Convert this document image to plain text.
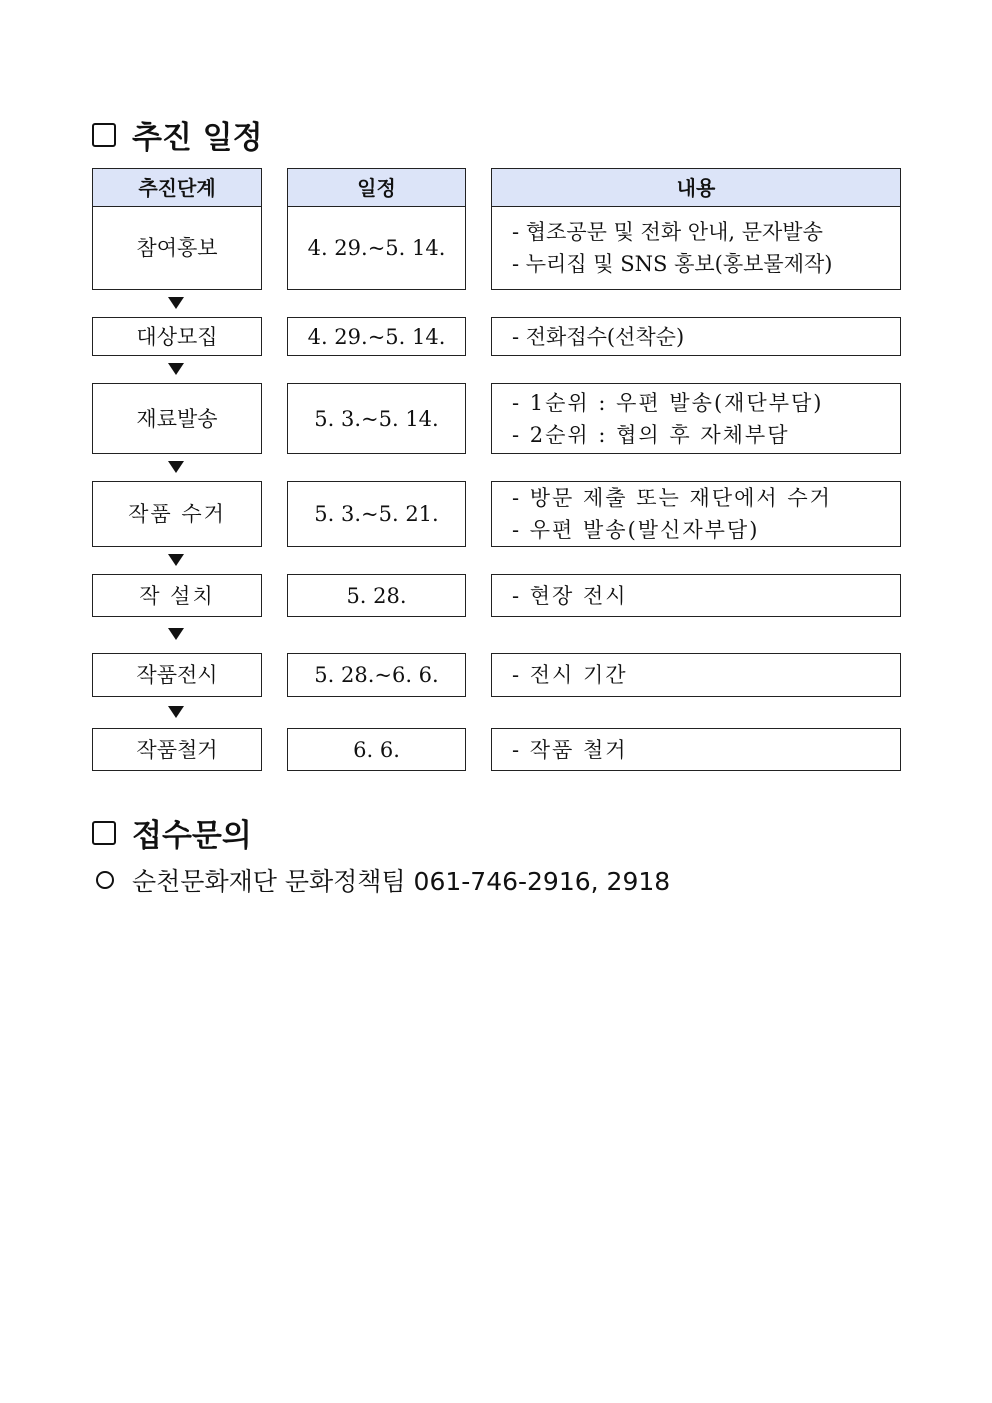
추진 일정
추진단계	일정	내용
참여홍보	4. 29.~5. 14.
- 협조공문 및 전화 안내, 문자발송
- 누리집 및 SNS 홍보(홍보물제작)
대상모집	4. 29.~5. 14.	- 전화접수(선착순)
재료발송	5. 3.~5. 14.
- 1순위 : 우편 발송(재단부담)
- 2순위 : 협의 후 자체부담
작품 수거	5. 3.~5. 21.
- 방문 제출 또는 재단에서 수거
- 우편 발송(발신자부담)
작 설치	5. 28.	- 현장 전시
작품전시	5. 28.~6. 6.	- 전시 기간
작품철거	6. 6.	- 작품 철거
접수문의
순천문화재단 문화정책팀 061-746-2916, 2918
